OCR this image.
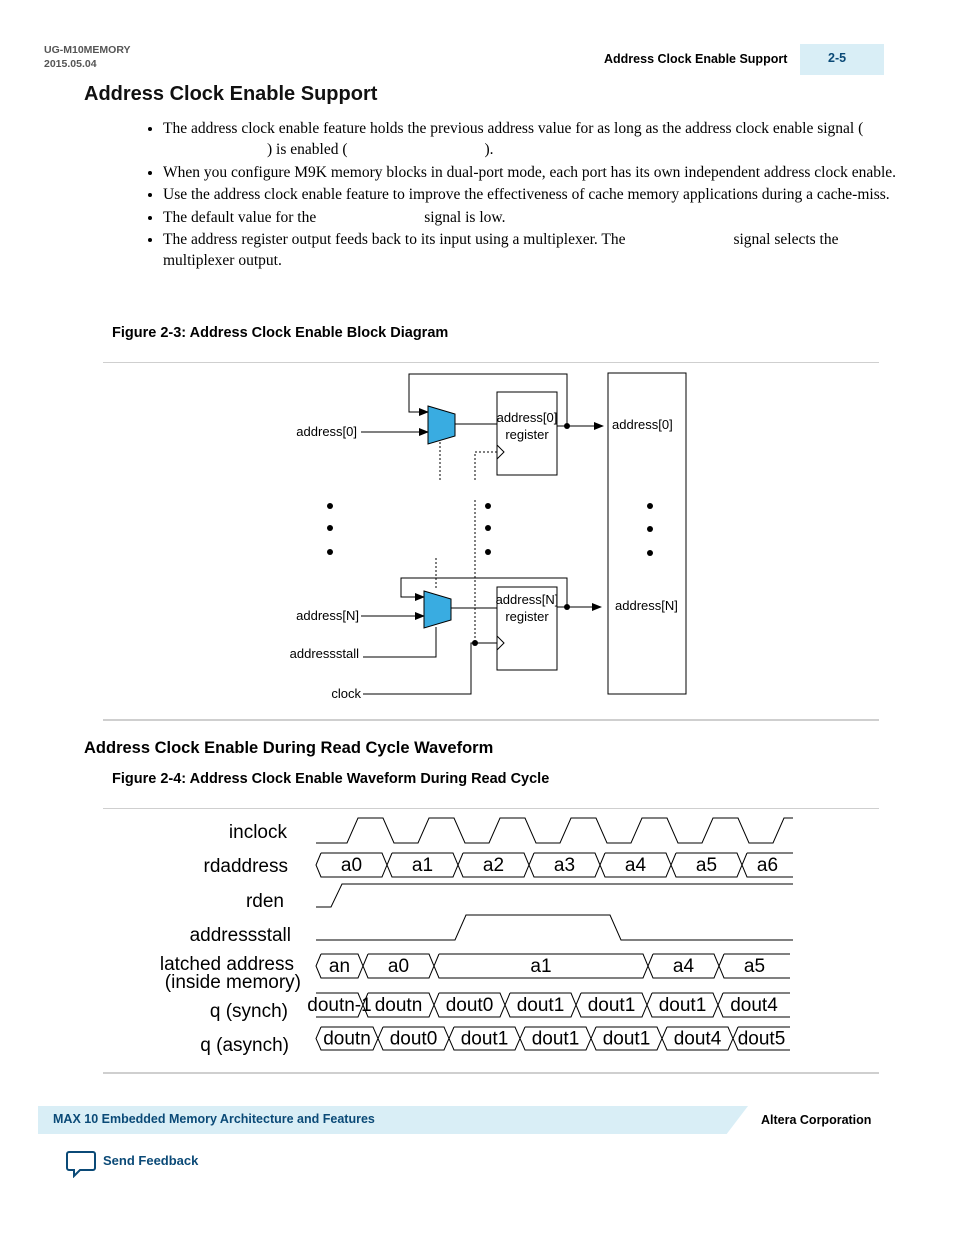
UG-M10MEMORY
2015.05.04	Address Clock Enable Support	2-5
Address Clock Enable Support
• The address clock enable feature holds the previous address value for as long as the address clock enable signal () is enabled (	).
• When you configure M9K memory blocks in dual-port mode, each port has its own independent address clock enable.
• Use the address clock enable feature to improve the effectiveness of cache memory applications during a cache-miss.
• The default value for the	signal is low.
• The address register output feeds back to its input using a multiplexer. The	signal selects the multiplexer output.
Figure 2-3: Address Clock Enable Block Diagram
address[0]
address[0]
register
address[0]
address[N]
address[N]
register
address[N]
addressstall
clock
Address Clock Enable During Read Cycle Waveform
Figure 2-4: Address Clock Enable Waveform During Read Cycle
inclock
rdaddress
rden
addressstall
latched address
(inside memory)
q (synch)
q (asynch)
a0	a1	a2	a3	a4	a5 a6
an a0	a1	a4	a5
doutn-1 doutn dout0 dout1 dout1 dout1 dout4
doutn dout0 dout1 dout1 dout1 dout4 dout5
MAX 10 Embedded Memory Architecture and Features	Altera Corporation
Send Feedback
